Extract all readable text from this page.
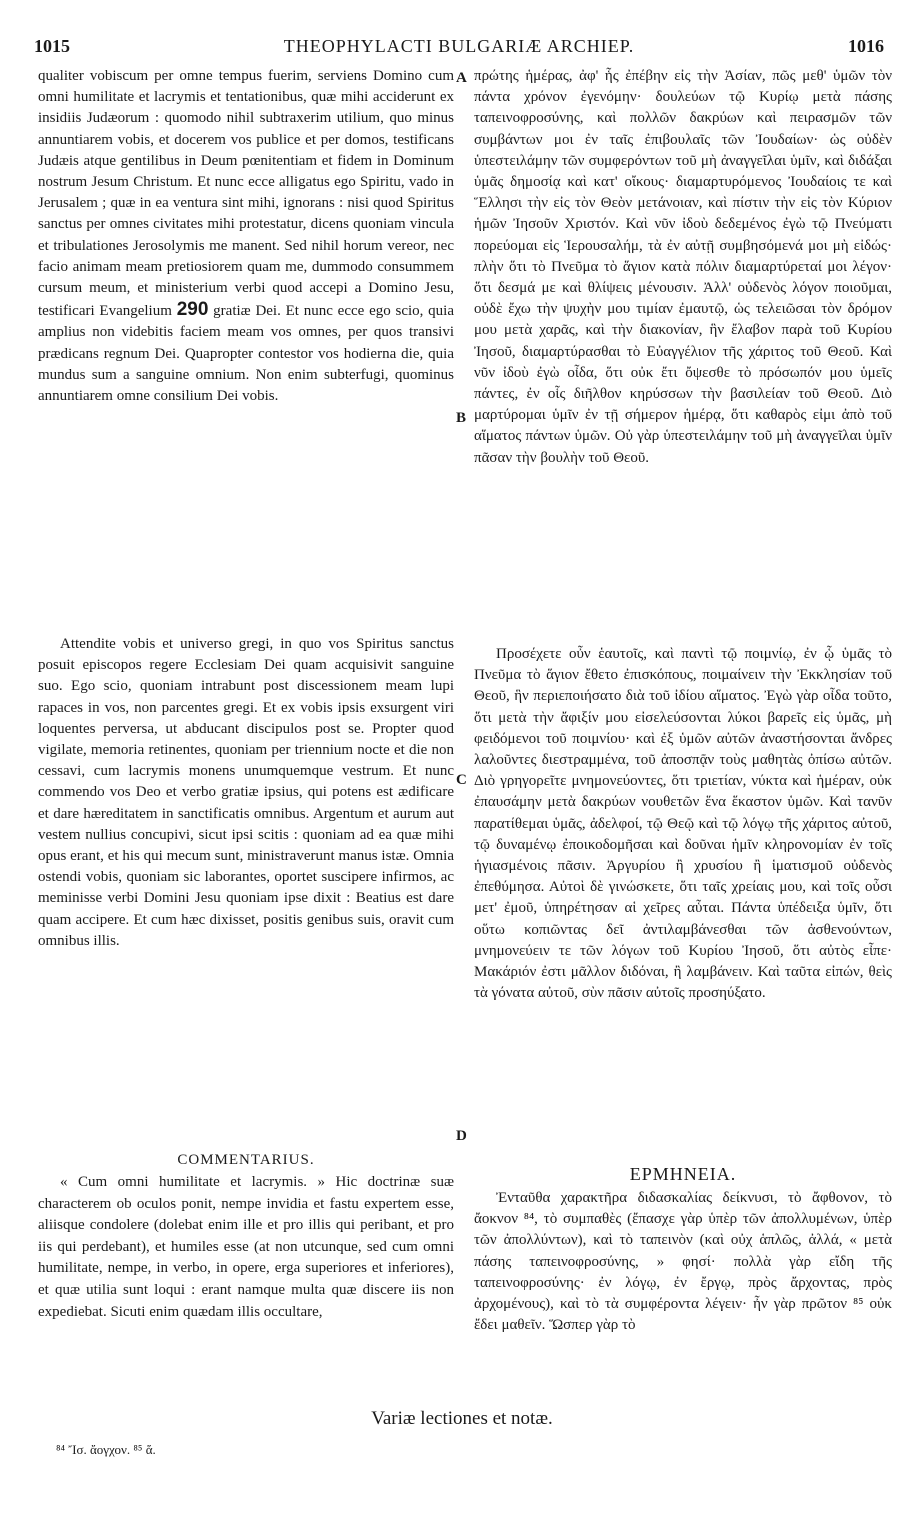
1015	THEOPHYLACTI BULGARIÆ ARCHIEP.	1016

qualiter vobiscum per omne tempus fuerim, serviens Domino cum omni humilitate et lacrymis et tentationibus, quæ mihi acciderunt ex insidiis Judæorum : quomodo nihil subtraxerim utilium, quo minus annuntiarem vobis, et docerem vos publice et per domos, testificans Judæis atque gentilibus in Deum pœnitentiam et fidem in Dominum nostrum Jesum Christum. Et nunc ecce alligatus ego Spiritu, vado in Jerusalem ; quæ in ea ventura sint mihi, ignorans : nisi quod Spiritus sanctus per omnes civitates mihi protestatur, dicens quoniam vincula et tribulationes Jerosolymis me manent. Sed nihil horum vereor, nec facio animam meam pretiosiorem quam me, dummodo consummem cursum meum, et ministerium verbi quod accepi a Domino Jesu, testificari Evangelium 290 gratiæ Dei. Et nunc ecce ego scio, quia amplius non videbitis faciem meam vos omnes, per quos transivi prædicans regnum Dei. Quapropter contestor vos hodierna die, quia mundus sum a sanguine omnium. Non enim subterfugi, quominus annuntiarem omne consilium Dei vobis.

Attendite vobis et universo gregi, in quo vos Spiritus sanctus posuit episcopos regere Ecclesiam Dei quam acquisivit sanguine suo. Ego scio, quoniam intrabunt post discessionem meam lupi rapaces in vos, non parcentes gregi. Et ex vobis ipsis exsurgent viri loquentes perversa, ut abducant discipulos post se. Propter quod vigilate, memoria retinentes, quoniam per triennium nocte et die non cessavi, cum lacrymis monens unumquemque vestrum. Et nunc commendo vos Deo et verbo gratiæ ipsius, qui potens est ædificare et dare hæreditatem in sanctificatis omnibus. Argentum et aurum aut vestem nullius concupivi, sicut ipsi scitis : quoniam ad ea quæ mihi opus erant, et his qui mecum sunt, ministraverunt manus istæ. Omnia ostendi vobis, quoniam sic laborantes, oportet suscipere infirmos, ac meminisse verbi Domini Jesu quoniam ipse dixit : Beatius est dare quam accipere. Et cum hæc dixisset, positis genibus suis, oravit cum omnibus illis.

COMMENTARIUS.

« Cum omni humilitate et lacrymis. » Hic doctrinæ suæ characterem ob oculos ponit, nempe invidia et fastu expertem esse, aliisque condolere (dolebat enim ille et pro illis qui peribant, et pro iis qui perdebant), et humiles esse (at non utcunque, sed cum omni humilitate, nempe, in verbo, in opere, erga superiores et inferiores), et quæ utilia sunt loqui : erant namque multa quæ discere iis non expediebat. Sicuti enim quædam illis occultare,

A
B
C
D

πρώτης ἡμέρας, ἀφ' ἧς ἐπέβην εἰς τὴν Ἀσίαν, πῶς μεθ' ὑμῶν τὸν πάντα χρόνον ἐγενόμην· δουλεύων τῷ Κυρίῳ μετὰ πάσης ταπεινοφροσύνης, καὶ πολλῶν δακρύων καὶ πειρασμῶν τῶν συμβάντων μοι ἐν ταῖς ἐπιβουλαῖς τῶν Ἰουδαίων· ὡς οὐδὲν ὑπεστειλάμην τῶν συμφερόντων τοῦ μὴ ἀναγγεῖλαι ὑμῖν, καὶ διδάξαι ὑμᾶς δημοσίᾳ καὶ κατ' οἴκους· διαμαρτυρόμενος Ἰουδαίοις τε καὶ Ἕλλησι τὴν εἰς τὸν Θεὸν μετάνοιαν, καὶ πίστιν τὴν εἰς τὸν Κύριον ἡμῶν Ἰησοῦν Χριστόν. Καὶ νῦν ἰδοὺ δεδεμένος ἐγὼ τῷ Πνεύματι πορεύομαι εἰς Ἱερουσαλήμ, τὰ ἐν αὐτῇ συμβησόμενά μοι μὴ εἰδώς· πλὴν ὅτι τὸ Πνεῦμα τὸ ἅγιον κατὰ πόλιν διαμαρτύρεταί μοι λέγον· ὅτι δεσμά με καὶ θλίψεις μένουσιν. Ἀλλ' οὐδενὸς λόγον ποιοῦμαι, οὐδὲ ἔχω τὴν ψυχὴν μου τιμίαν ἐμαυτῷ, ὡς τελειῶσαι τὸν δρόμον μου μετὰ χαρᾶς, καὶ τὴν διακονίαν, ἣν ἔλαβον παρὰ τοῦ Κυρίου Ἰησοῦ, διαμαρτύρασθαι τὸ Εὐαγγέλιον τῆς χάριτος τοῦ Θεοῦ. Καὶ νῦν ἰδοὺ ἐγὼ οἶδα, ὅτι οὐκ ἔτι ὄψεσθε τὸ πρόσωπόν μου ὑμεῖς πάντες, ἐν οἷς διῆλθον κηρύσσων τὴν βασιλείαν τοῦ Θεοῦ. Διὸ μαρτύρομαι ὑμῖν ἐν τῇ σήμερον ἡμέρᾳ, ὅτι καθαρὸς εἰμι ἀπὸ τοῦ αἵματος πάντων ὑμῶν. Οὐ γὰρ ὑπεστειλάμην τοῦ μὴ ἀναγγεῖλαι ὑμῖν πᾶσαν τὴν βουλὴν τοῦ Θεοῦ.

Προσέχετε οὖν ἑαυτοῖς, καὶ παντὶ τῷ ποιμνίῳ, ἐν ᾧ ὑμᾶς τὸ Πνεῦμα τὸ ἅγιον ἔθετο ἐπισκόπους, ποιμαίνειν τὴν Ἐκκλησίαν τοῦ Θεοῦ, ἣν περιεποιήσατο διὰ τοῦ ἰδίου αἵματος. Ἐγὼ γὰρ οἶδα τοῦτο, ὅτι μετὰ τὴν ἄφιξίν μου εἰσελεύσονται λύκοι βαρεῖς εἰς ὑμᾶς, μὴ φειδόμενοι τοῦ ποιμνίου· καὶ ἐξ ὑμῶν αὐτῶν ἀναστήσονται ἄνδρες λαλοῦντες διεστραμμένα, τοῦ ἀποσπᾷν τοὺς μαθητὰς ὀπίσω αὐτῶν. Διὸ γρηγορεῖτε μνημονεύοντες, ὅτι τριετίαν, νύκτα καὶ ἡμέραν, οὐκ ἐπαυσάμην μετὰ δακρύων νουθετῶν ἕνα ἕκαστον ὑμῶν. Καὶ τανῦν παρατίθεμαι ὑμᾶς, ἀδελφοί, τῷ Θεῷ καὶ τῷ λόγῳ τῆς χάριτος αὐτοῦ, τῷ δυναμένῳ ἐποικοδομῆσαι καὶ δοῦναι ἡμῖν κληρονομίαν ἐν τοῖς ἡγιασμένοις πᾶσιν. Ἀργυρίου ἢ χρυσίου ἢ ἱματισμοῦ οὐδενὸς ἐπεθύμησα. Αὐτοὶ δὲ γινώσκετε, ὅτι ταῖς χρείαις μου, καὶ τοῖς οὖσι μετ' ἐμοῦ, ὑπηρέτησαν αἱ χεῖρες αὗται. Πάντα ὑπέδειξα ὑμῖν, ὅτι οὕτω κοπιῶντας δεῖ ἀντιλαμβάνεσθαι τῶν ἀσθενούντων, μνημονεύειν τε τῶν λόγων τοῦ Κυρίου Ἰησοῦ, ὅτι αὐτὸς εἶπε· Μακάριόν ἐστι μᾶλλον διδόναι, ἢ λαμβάνειν. Καὶ ταῦτα εἰπών, θεὶς τὰ γόνατα αὐτοῦ, σὺν πᾶσιν αὐτοῖς προσηύξατο.

ΕΡΜΗΝΕΙΑ.

Ἐνταῦθα χαρακτῆρα διδασκαλίας δείκνυσι, τὸ ἄφθονον, τὸ ἄοκνον ⁸⁴, τὸ συμπαθὲς (ἔπασχε γὰρ ὑπὲρ τῶν ἀπολλυμένων, ὑπὲρ τῶν ἀπολλύντων), καὶ τὸ ταπεινὸν (καὶ οὐχ ἁπλῶς, ἀλλά, « μετὰ πάσης ταπεινοφροσύνης, » φησί· πολλὰ γὰρ εἴδη τῆς ταπεινοφροσύνης· ἐν λόγῳ, ἐν ἔργῳ, πρὸς ἄρχοντας, πρὸς ἀρχομένους), καὶ τὸ τὰ συμφέροντα λέγειν· ἦν γὰρ πρῶτον ⁸⁵ οὐκ ἔδει μαθεῖν. Ὥσπερ γὰρ τὸ

Variæ lectiones et notæ.
⁸⁴ Ἴσ. ἄογχον. ⁸⁵ ἅ.
